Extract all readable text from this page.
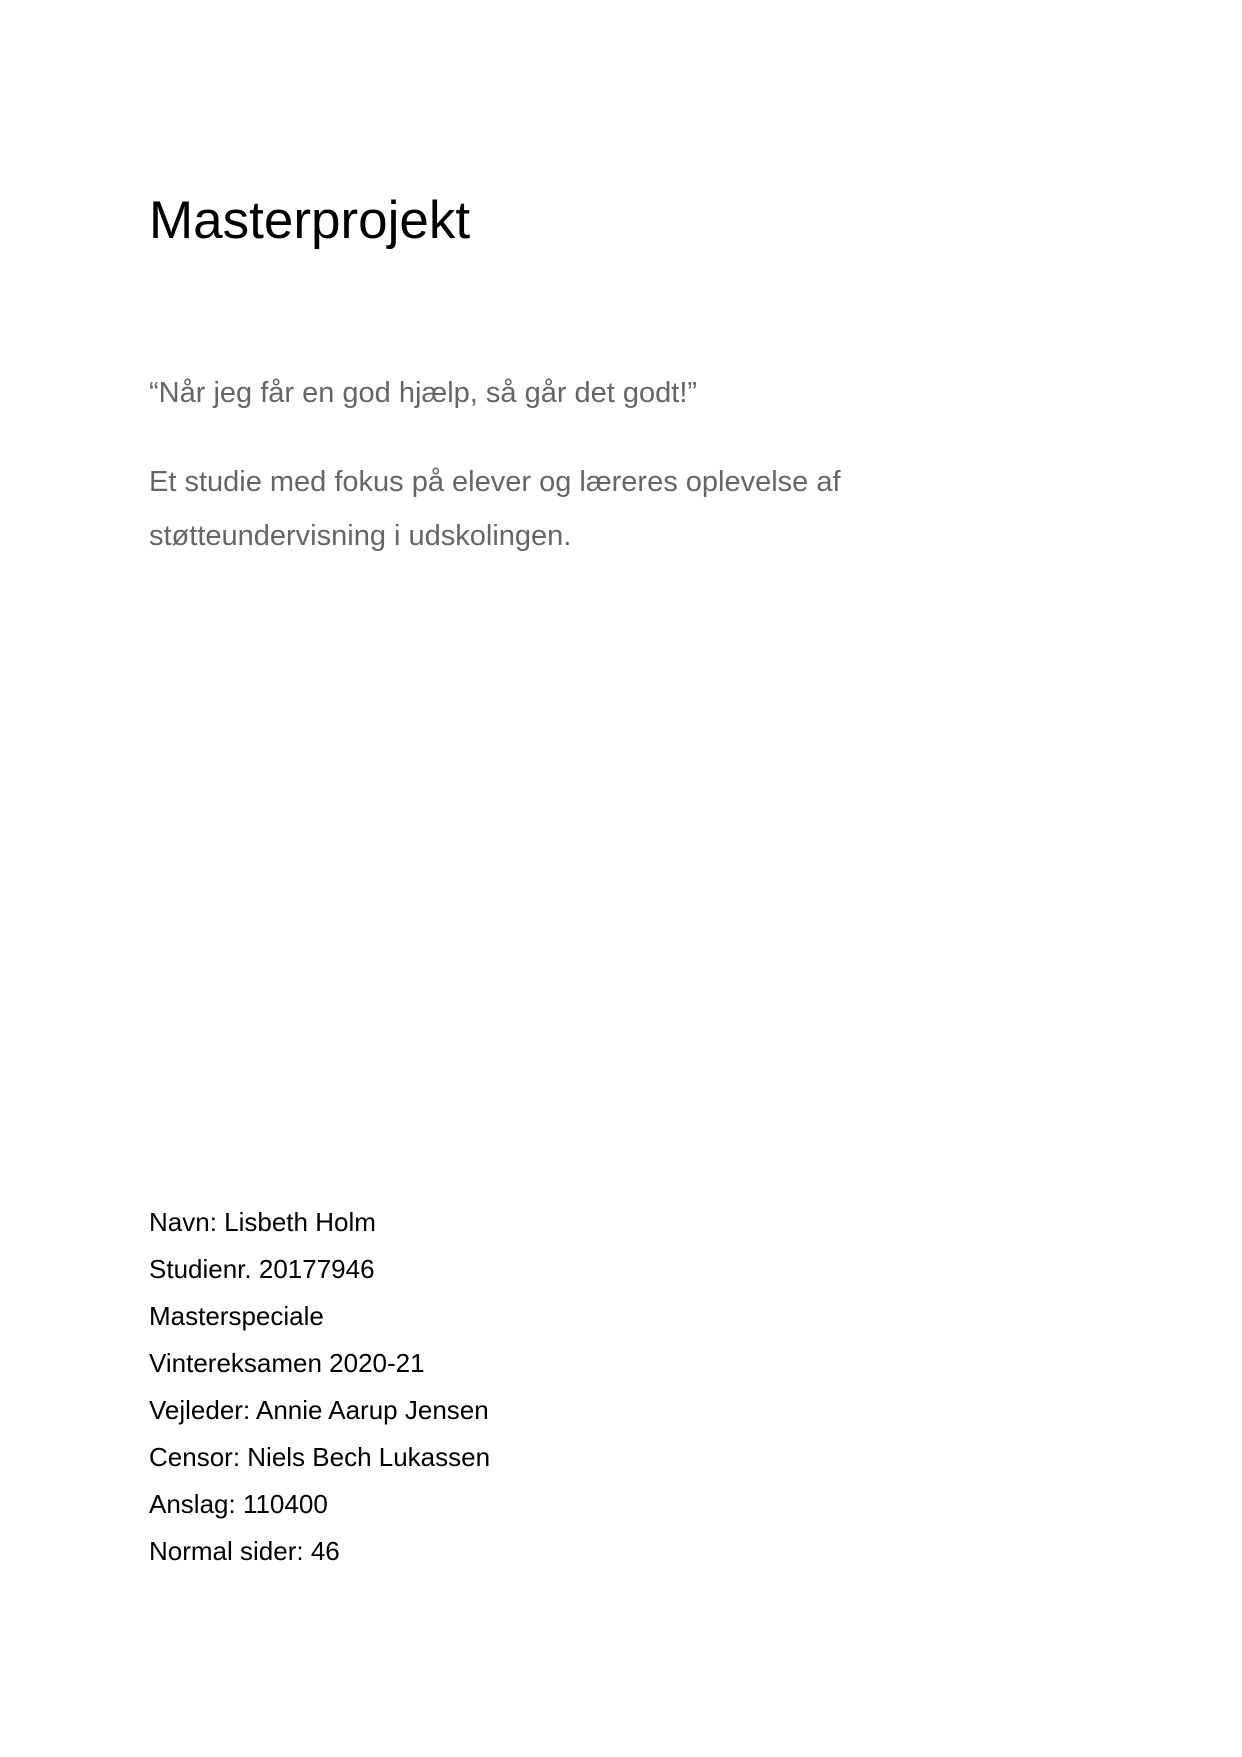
Masterprojekt

“Når jeg får en god hjælp, så går det godt!”

Et studie med fokus på elever og læreres oplevelse af
støtteundervisning i udskolingen.
Navn: Lisbeth Holm
Studienr. 20177946
Masterspeciale
Vintereksamen 2020-21
Vejleder: Annie Aarup Jensen
Censor: Niels Bech Lukassen
Anslag: 110400
Normal sider: 46
